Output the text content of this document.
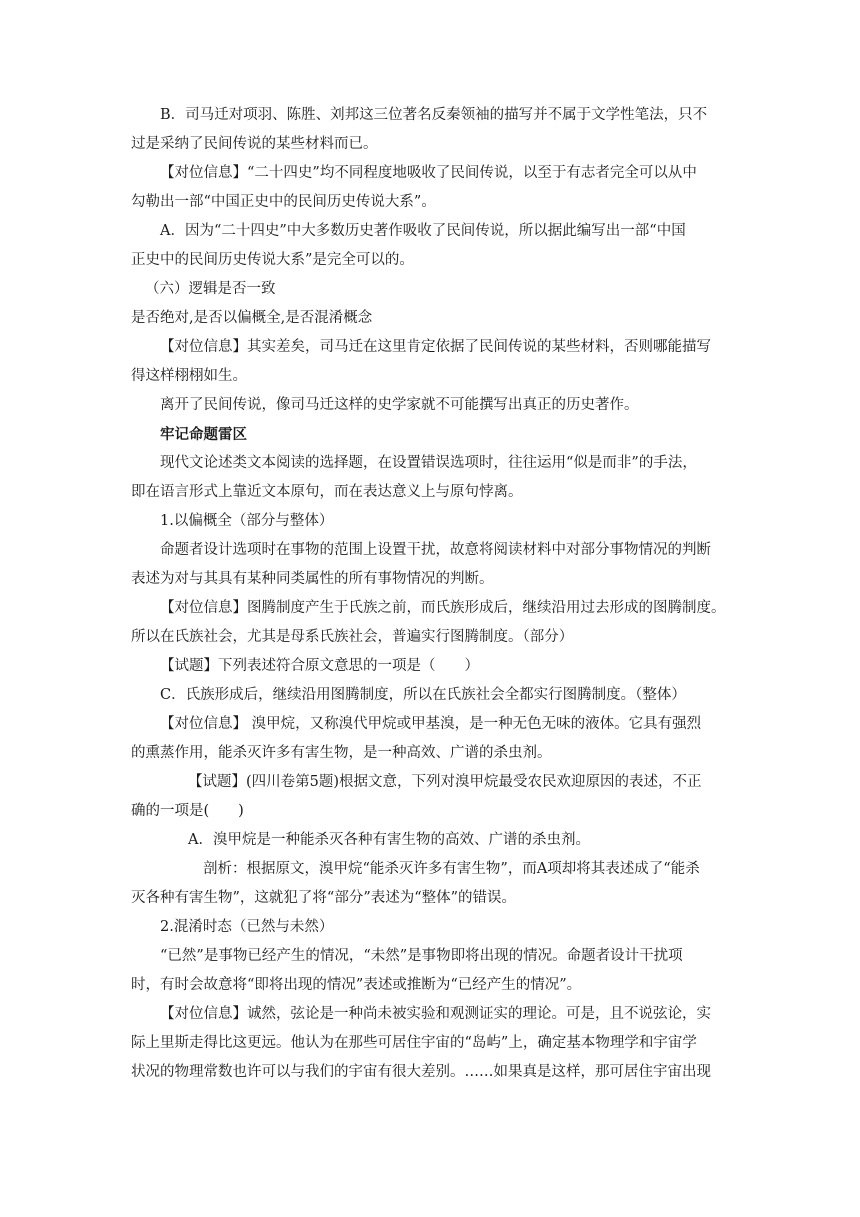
B．司马迁对项羽、陈胜、刘邦这三位著名反秦领袖的描写并不属于文学性笔法，只不
过是采纳了民间传说的某些材料而已。

【对位信息】“二十四史”均不同程度地吸收了民间传说，以至于有志者完全可以从中
勾勒出一部“中国正史中的民间历史传说大系”。

A．因为“二十四史”中大多数历史著作吸收了民间传说，所以据此编写出一部“中国
正史中的民间历史传说大系”是完全可以的。

（六）逻辑是否一致

是否绝对,是否以偏概全,是否混淆概念

【对位信息】其实差矣，司马迁在这里肯定依据了民间传说的某些材料，否则哪能描写
得这样栩栩如生。

离开了民间传说，像司马迁这样的史学家就不可能撰写出真正的历史著作。

牢记命题雷区

现代文论述类文本阅读的选择题，在设置错误选项时，往往运用“似是而非”的手法，
即在语言形式上靠近文本原句，而在表达意义上与原句悖离。

1.以偏概全（部分与整体）

命题者设计选项时在事物的范围上设置干扰，故意将阅读材料中对部分事物情况的判断
表述为对与其具有某种同类属性的所有事物情况的判断。

【对位信息】图腾制度产生于氏族之前，而氏族形成后，继续沿用过去形成的图腾制度。
所以在氏族社会，尤其是母系氏族社会，普遍实行图腾制度。（部分）

【试题】下列表述符合原文意思的一项是（　　）

C．氏族形成后，继续沿用图腾制度，所以在氏族社会全都实行图腾制度。（整体）

【对位信息】 溴甲烷，又称溴代甲烷或甲基溴，是一种无色无味的液体。它具有强烈
的熏蒸作用，能杀灭许多有害生物，是一种高效、广谱的杀虫剂。

【试题】(四川卷第5题)根据文意，下列对溴甲烷最受农民欢迎原因的表述，不正
确的一项是(　　)

A．溴甲烷是一种能杀灭各种有害生物的高效、广谱的杀虫剂。

剖析：根据原文，溴甲烷“能杀灭许多有害生物”，而A项却将其表述成了“能杀
灭各种有害生物”，这就犯了将“部分”表述为“整体”的错误。

2.混淆时态（已然与未然）

“已然”是事物已经产生的情况，“未然”是事物即将出现的情况。命题者设计干扰项
时，有时会故意将“即将出现的情况”表述或推断为“已经产生的情况”。

【对位信息】诚然，弦论是一种尚未被实验和观测证实的理论。可是，且不说弦论，实
际上里斯走得比这更远。他认为在那些可居住宇宙的“岛屿”上，确定基本物理学和宇宙学
状况的物理常数也许可以与我们的宇宙有很大差别。……如果真是这样，那可居住宇宙出现
